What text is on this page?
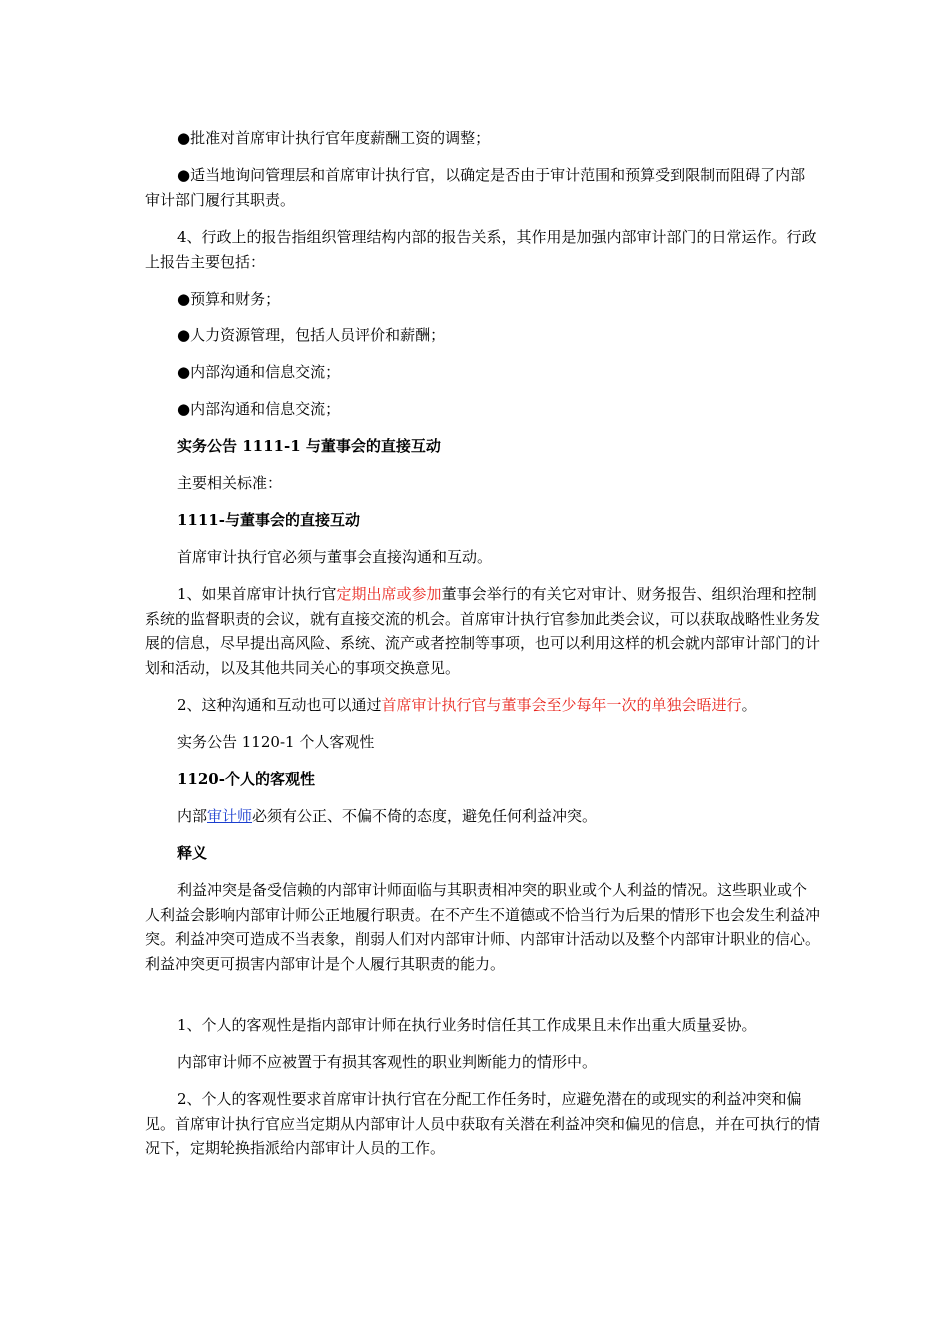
●批准对首席审计执行官年度薪酬工资的调整；

●适当地询问管理层和首席审计执行官，以确定是否由于审计范围和预算受到限制而阻碍了内部审计部门履行其职责。

4、行政上的报告指组织管理结构内部的报告关系，其作用是加强内部审计部门的日常运作。行政上报告主要包括：

●预算和财务；

●人力资源管理，包括人员评价和薪酬；

●内部沟通和信息交流；

●内部沟通和信息交流；

实务公告 1111-1 与董事会的直接互动

主要相关标准：

1111-与董事会的直接互动

首席审计执行官必须与董事会直接沟通和互动。

1、如果首席审计执行官定期出席或参加董事会举行的有关它对审计、财务报告、组织治理和控制系统的监督职责的会议，就有直接交流的机会。首席审计执行官参加此类会议，可以获取战略性业务发展的信息，尽早提出高风险、系统、流产或者控制等事项，也可以利用这样的机会就内部审计部门的计划和活动，以及其他共同关心的事项交换意见。

2、这种沟通和互动也可以通过首席审计执行官与董事会至少每年一次的单独会晤进行。

实务公告 1120-1 个人客观性

1120-个人的客观性

内部审计师必须有公正、不偏不倚的态度，避免任何利益冲突。

释义

利益冲突是备受信赖的内部审计师面临与其职责相冲突的职业或个人利益的情况。这些职业或个人利益会影响内部审计师公正地履行职责。在不产生不道德或不恰当行为后果的情形下也会发生利益冲突。利益冲突可造成不当表象，削弱人们对内部审计师、内部审计活动以及整个内部审计职业的信心。利益冲突更可损害内部审计是个人履行其职责的能力。

1、个人的客观性是指内部审计师在执行业务时信任其工作成果且未作出重大质量妥协。

内部审计师不应被置于有损其客观性的职业判断能力的情形中。

2、个人的客观性要求首席审计执行官在分配工作任务时，应避免潜在的或现实的利益冲突和偏见。首席审计执行官应当定期从内部审计人员中获取有关潜在利益冲突和偏见的信息，并在可执行的情况下，定期轮换指派给内部审计人员的工作。
